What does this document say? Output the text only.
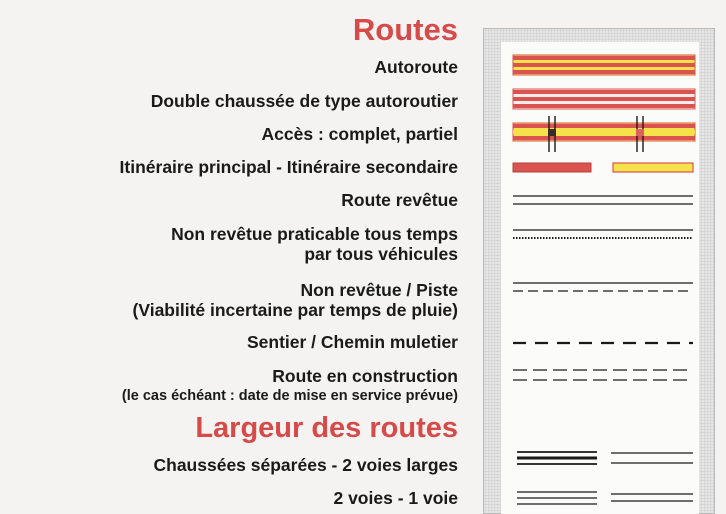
Routes
Largeur des routes
Autoroute
Double chaussée de type autoroutier
Accès : complet, partiel
Itinéraire principal - Itinéraire secondaire
Route revêtue
Non revêtue praticable tous temps
par tous véhicules
Non revêtue / Piste
(Viabilité incertaine par temps de pluie)
Sentier / Chemin muletier
Route en construction
(le cas échéant : date de mise en service prévue)
Chaussées séparées - 2 voies larges
2 voies - 1 voie
